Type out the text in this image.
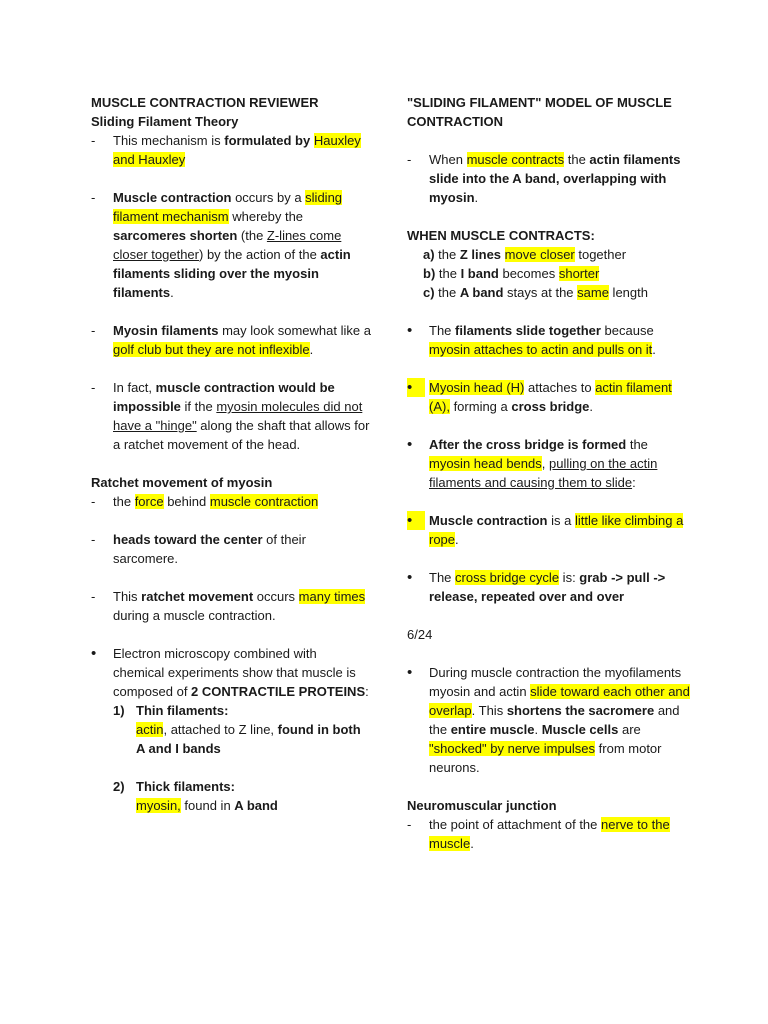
MUSCLE CONTRACTION REVIEWER
Sliding Filament Theory
- This mechanism is formulated by Hauxley and Hauxley
- Muscle contraction occurs by a sliding filament mechanism whereby the sarcomeres shorten (the Z-lines come closer together) by the action of the actin filaments sliding over the myosin filaments.
- Myosin filaments may look somewhat like a golf club but they are not inflexible.
- In fact, muscle contraction would be impossible if the myosin molecules did not have a "hinge" along the shaft that allows for a ratchet movement of the head.
Ratchet movement of myosin
- the force behind muscle contraction
- heads toward the center of their sarcomere.
- This ratchet movement occurs many times during a muscle contraction.
• Electron microscopy combined with chemical experiments show that muscle is composed of 2 CONTRACTILE PROTEINS:
1) Thin filaments:
actin, attached to Z line, found in both A and I bands
2) Thick filaments:
myosin, found in A band
"SLIDING FILAMENT" MODEL OF MUSCLE CONTRACTION
- When muscle contracts the actin filaments slide into the A band, overlapping with myosin.
WHEN MUSCLE CONTRACTS:
a) the Z lines move closer together
b) the I band becomes shorter
c) the A band stays at the same length
• The filaments slide together because myosin attaches to actin and pulls on it.
• Myosin head (H) attaches to actin filament (A), forming a cross bridge.
• After the cross bridge is formed the myosin head bends, pulling on the actin filaments and causing them to slide:
• Muscle contraction is a little like climbing a rope.
• The cross bridge cycle is: grab -> pull -> release, repeated over and over
6/24
• During muscle contraction the myofilaments myosin and actin slide toward each other and overlap. This shortens the sacromere and the entire muscle. Muscle cells are "shocked" by nerve impulses from motor neurons.
Neuromuscular junction
- the point of attachment of the nerve to the muscle.
